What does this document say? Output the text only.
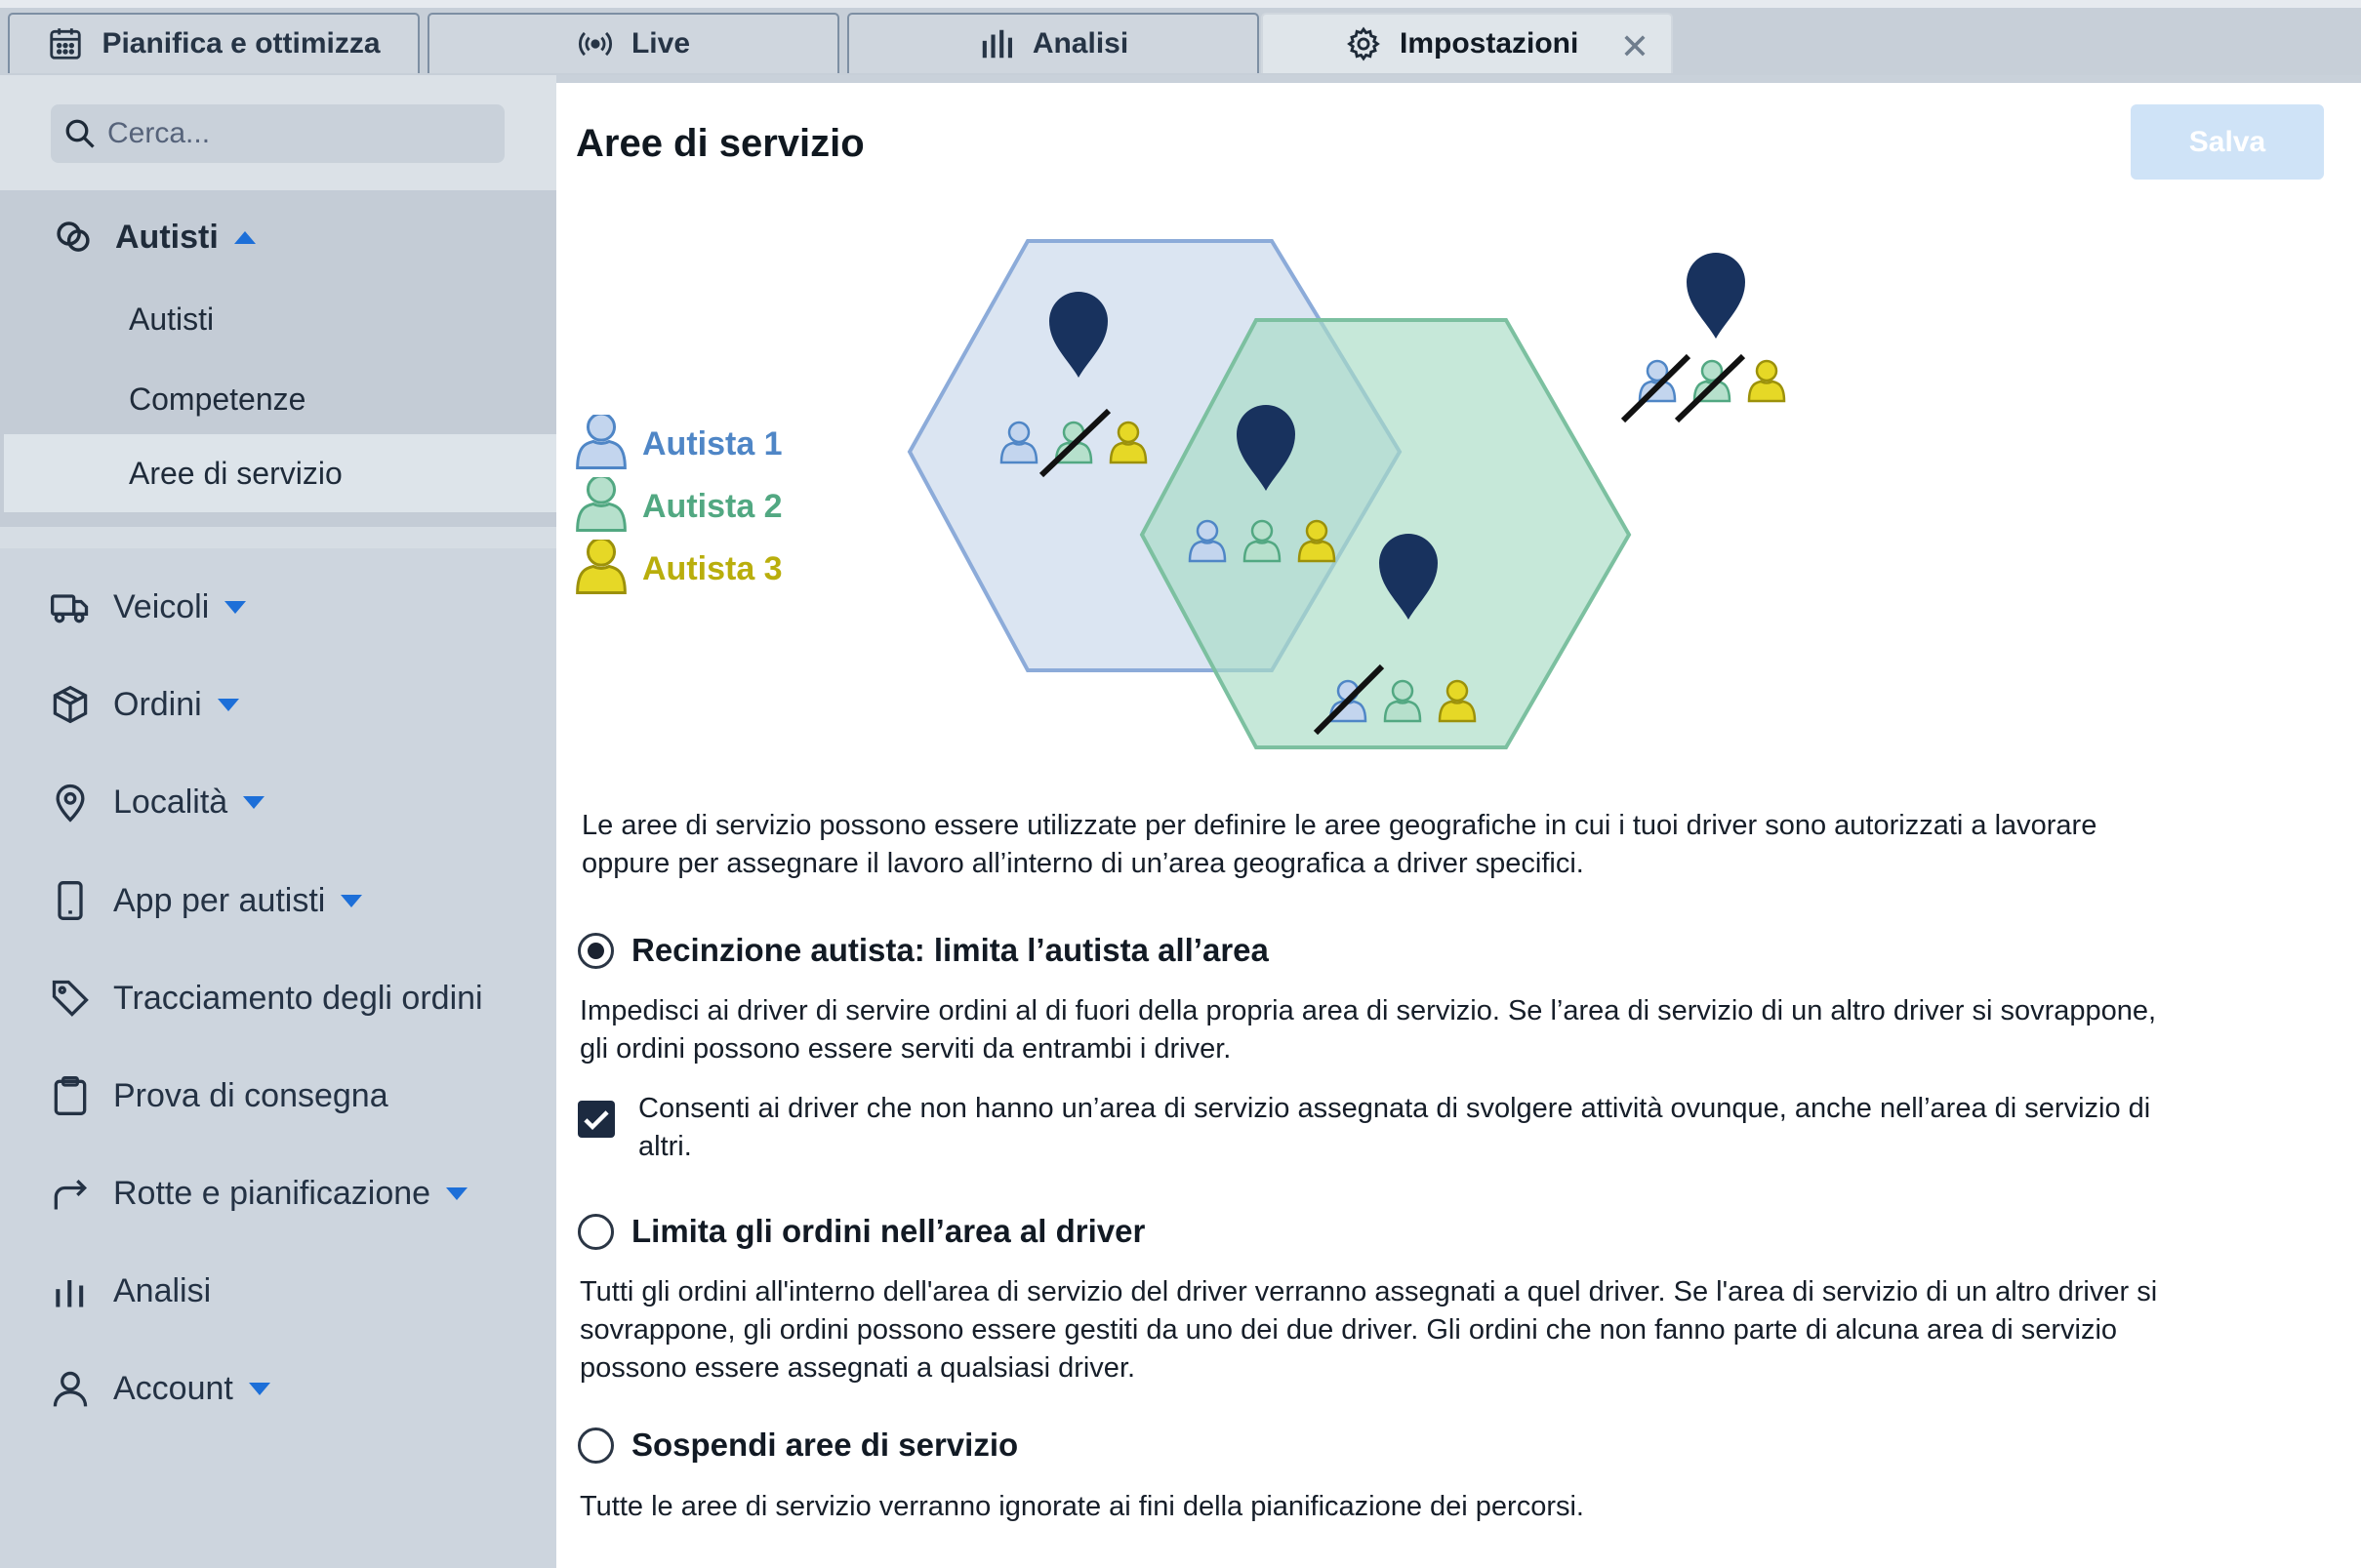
Pianifica e ottimizza	Live	Analisi	Impostazioni ✕
Cerca...
Autisti
Autisti
Competenze
Aree di servizio
Veicoli
Ordini
Località
App per autisti
Tracciamento degli ordini
Prova di consegna
Rotte e pianificazione
Analisi
Account
Aree di servizio	Salva
Autista 1
Autista 2
Autista 3
Le aree di servizio possono essere utilizzate per definire le aree geografiche in cui i tuoi driver sono autorizzati a lavorare oppure per assegnare il lavoro all’interno di un’area geografica a driver specifici.
Recinzione autista: limita l’autista all’area
Impedisci ai driver di servire ordini al di fuori della propria area di servizio. Se l’area di servizio di un altro driver si sovrappone, gli ordini possono essere serviti da entrambi i driver.
Consenti ai driver che non hanno un’area di servizio assegnata di svolgere attività ovunque, anche nell’area di servizio di altri.
Limita gli ordini nell’area al driver
Tutti gli ordini all'interno dell'area di servizio del driver verranno assegnati a quel driver. Se l'area di servizio di un altro driver si sovrappone, gli ordini possono essere gestiti da uno dei due driver. Gli ordini che non fanno parte di alcuna area di servizio possono essere assegnati a qualsiasi driver.
Sospendi aree di servizio
Tutte le aree di servizio verranno ignorate ai fini della pianificazione dei percorsi.
